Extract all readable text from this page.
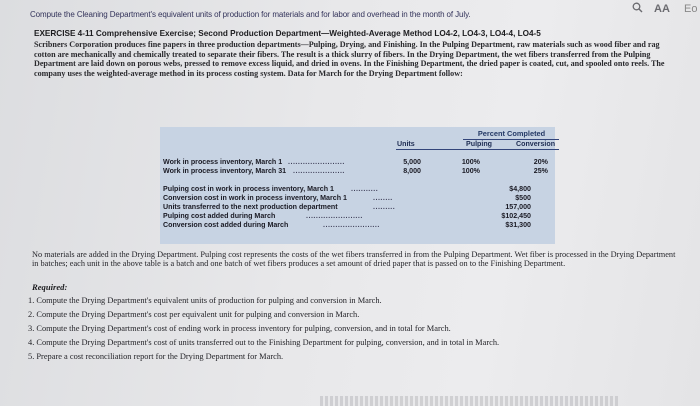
AA Eo
Compute the Cleaning Department's equivalent units of production for materials and for labor and overhead in the month of July.
EXERCISE 4-11 Comprehensive Exercise; Second Production Department—Weighted-Average Method LO4-2, LO4-3, LO4-4, LO4-5
Scribners Corporation produces fine papers in three production departments—Pulping, Drying, and Finishing. In the Pulping Department, raw materials such as wood fiber and rag cotton are mechanically and chemically treated to separate their fibers. The result is a thick slurry of fibers. In the Drying Department, the wet fibers transferred from the Pulping Department are laid down on porous webs, pressed to remove excess liquid, and dried in ovens. In the Finishing Department, the dried paper is coated, cut, and spooled onto reels. The company uses the weighted-average method in its process costing system. Data for March for the Drying Department follow:
Percent Completed
Units	Pulping	Conversion
Work in process inventory, March 1 .......................	5,000	100%	20%
Work in process inventory, March 31 .....................	8,000	100%	25%
Pulping cost in work in process inventory, March 1 ...........	$4,800
Conversion cost in work in process inventory, March 1	........	$500
Units transferred to the next production department	.........	157,000
Pulping cost added during March	.......................	$102,450
Conversion cost added during March	.......................	$31,300
No materials are added in the Drying Department. Pulping cost represents the costs of the wet fibers transferred in from the Pulping Department. Wet fiber is processed in the Drying Department in batches; each unit in the above table is a batch and one batch of wet fibers produces a set amount of dried paper that is passed on to the Finishing Department.
Required:
1. Compute the Drying Department's equivalent units of production for pulping and conversion in March.
2. Compute the Drying Department's cost per equivalent unit for pulping and conversion in March.
3. Compute the Drying Department's cost of ending work in process inventory for pulping, conversion, and in total for March.
4. Compute the Drying Department's cost of units transferred out to the Finishing Department for pulping, conversion, and in total in March.
5. Prepare a cost reconciliation report for the Drying Department for March.
